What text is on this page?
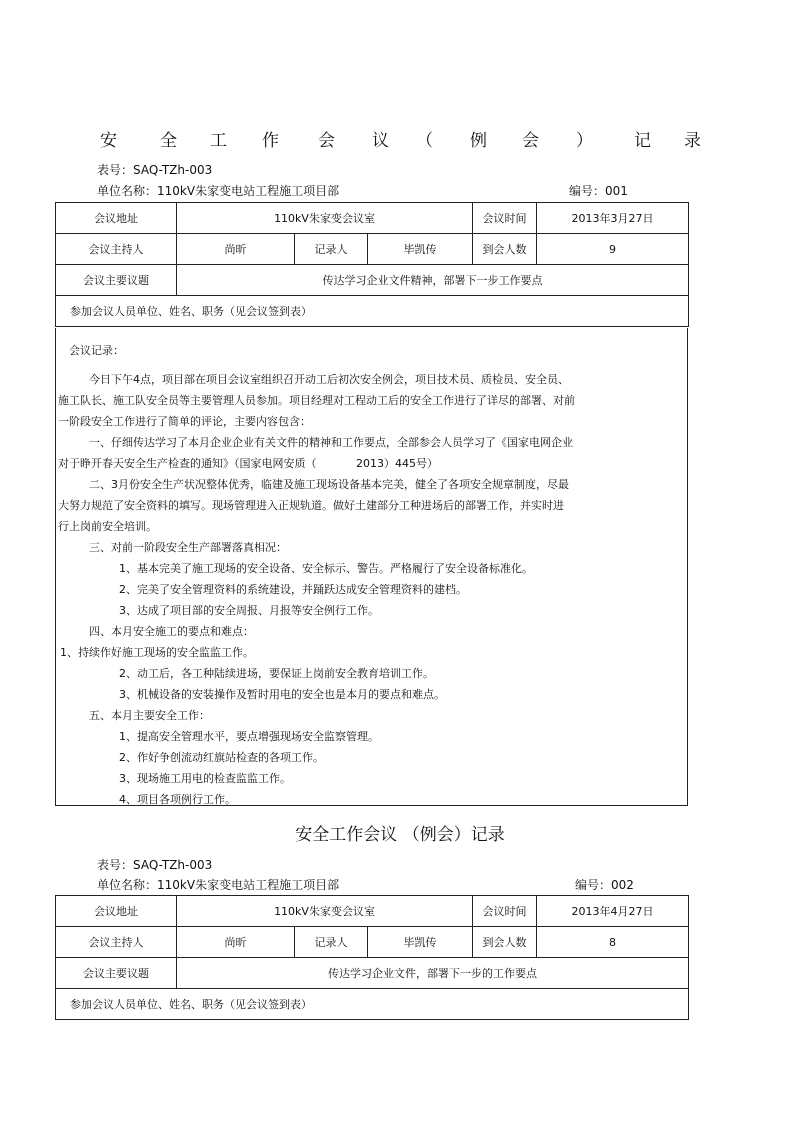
安	全 工 作 会 议 （ 例 会 ） 记 录
表号：SAQ-TZh-003
单位名称：110kV朱家变电站工程施工项目部	编号：001
会议地址	110kV朱家变会议室			会议时间	2013年3月27日
会议主持人	尚昕	记录人	毕凯传	到会人数	9
会议主要议题	传达学习企业文件精神，部署下一步工作要点				
参加会议人员单位、姓名、职务（见会议签到表）					
会议记录：
今日下午4点，项目部在项目会议室组织召开动工后初次安全例会，项目技术员、质检员、安全员、
施工队长、施工队安全员等主要管理人员参加。项目经理对工程动工后的安全工作进行了详尽的部署、对前
一阶段安全工作进行了简单的评论，主要内容包含：
一、仔细传达学习了本月企业企业有关文件的精神和工作要点，全部参会人员学习了《国家电网企业
对于睁开春天安全生产检查的通知》（国家电网安质（	2013）445号）
二、3月份安全生产状况整体优秀，临建及施工现场设备基本完美，健全了各项安全规章制度，尽最
大努力规范了安全资料的填写。现场管理进入正规轨道。做好土建部分工种进场后的部署工作，并实时进
行上岗前安全培训。
三、对前一阶段安全生产部署落真相况：
1、基本完美了施工现场的安全设备、安全标示、警告。严格履行了安全设备标准化。
2、完美了安全管理资料的系统建设，并踊跃达成安全管理资料的建档。
3、达成了项目部的安全周报、月报等安全例行工作。
四、本月安全施工的要点和难点：
1、持续作好施工现场的安全监监工作。
2、动工后，各工种陆续进场，要保证上岗前安全教育培训工作。
3、机械设备的安装操作及暂时用电的安全也是本月的要点和难点。
五、本月主要安全工作：
1、提高安全管理水平，要点增强现场安全监察管理。
2、作好争创流动红旗站检查的各项工作。
3、现场施工用电的检查监监工作。
4、项目各项例行工作。
安全工作会议 （例会）记录
表号：SAQ-TZh-003
单位名称：110kV朱家变电站工程施工项目部	编号：002
会议地址	110kV朱家变会议室			会议时间	2013年4月27日
会议主持人	尚昕	记录人	毕凯传	到会人数	8
会议主要议题	传达学习企业文件，部署下一步的工作要点				
参加会议人员单位、姓名、职务（见会议签到表）					
